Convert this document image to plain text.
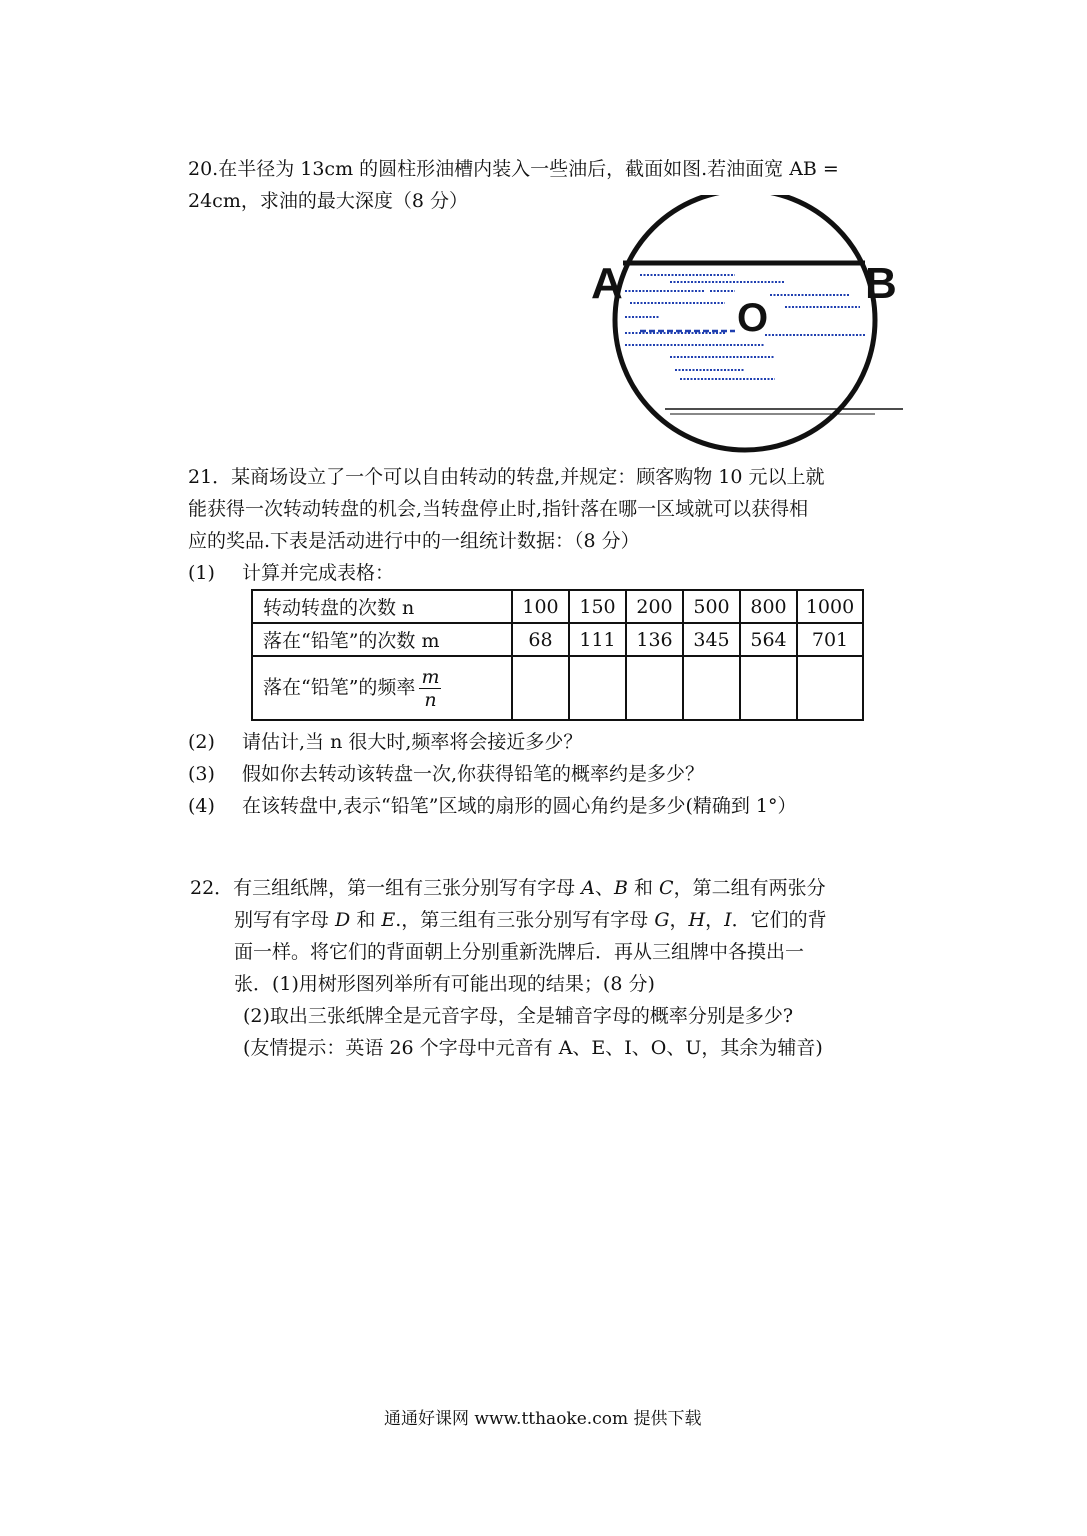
20.在半径为 13cm 的圆柱形油槽内装入一些油后，截面如图.若油面宽 AB =
24cm，求油的最大深度（8 分）
A	B
O
21．某商场设立了一个可以自由转动的转盘,并规定：顾客购物 10 元以上就
能获得一次转动转盘的机会,当转盘停止时,指针落在哪一区域就可以获得相
应的奖品.下表是活动进行中的一组统计数据：（8 分）
(1) 计算并完成表格：
转动转盘的次数 n	100	150	200	500	800	1000
落在“铅笔”的次数 m	68	111	136	345	564	701
落在“铅笔”的频率 $\frac{m}{n}$

(2) 请估计,当 n 很大时,频率将会接近多少？
(3) 假如你去转动该转盘一次,你获得铅笔的概率约是多少？
(4) 在该转盘中,表示“铅笔”区域的扇形的圆心角约是多少(精确到 1°）
22．有三组纸牌，第一组有三张分别写有字母 A、B 和 C，第二组有两张分
别写有字母 D 和 E.，第三组有三张分别写有字母 G，H，I．它们的背
面一样。将它们的背面朝上分别重新洗牌后．再从三组牌中各摸出一
张．(1)用树形图列举所有可能出现的结果；(8 分)
(2)取出三张纸牌全是元音字母，全是辅音字母的概率分别是多少?
(友情提示：英语 26 个字母中元音有 A、E、I、O、U，其余为辅音)
通通好课网 www.tthaoke.com 提供下载
